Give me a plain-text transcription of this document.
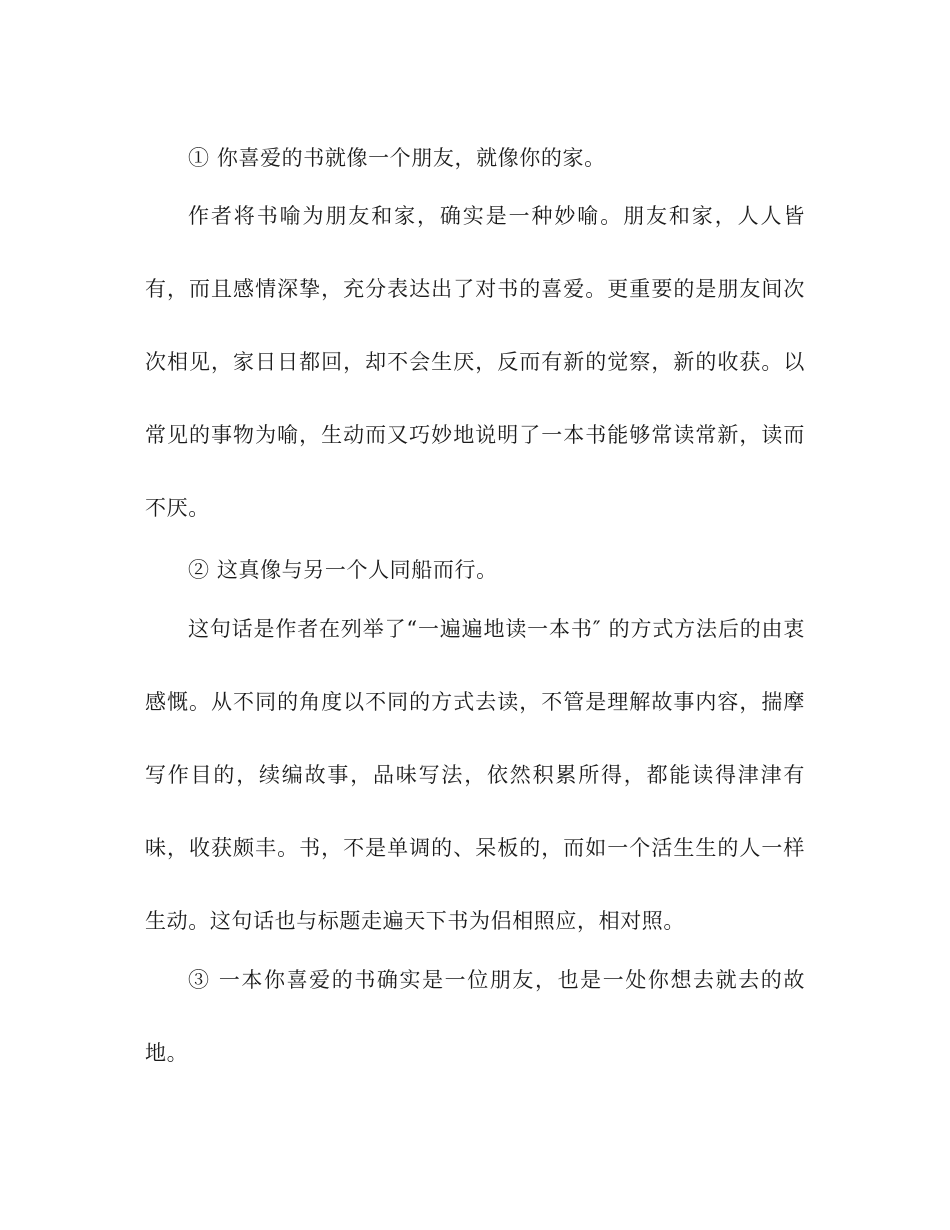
① 你喜爱的书就像一个朋友，就像你的家。
作者将书喻为朋友和家，确实是一种妙喻。朋友和家，人人皆有，而且感情深挚，充分表达出了对书的喜爱。更重要的是朋友间次次相见，家日日都回，却不会生厌，反而有新的觉察，新的收获。以常见的事物为喻，生动而又巧妙地说明了一本书能够常读常新，读而不厌。
② 这真像与另一个人同船而行。
这句话是作者在列举了“一遍遍地读一本书″ 的方式方法后的由衷感慨。从不同的角度以不同的方式去读，不管是理解故事内容，揣摩写作目的，续编故事，品味写法，依然积累所得，都能读得津津有味，收获颇丰。书，不是单调的、呆板的，而如一个活生生的人一样生动。这句话也与标题走遍天下书为侣相照应，相对照。
③ 一本你喜爱的书确实是一位朋友，也是一处你想去就去的故地。
